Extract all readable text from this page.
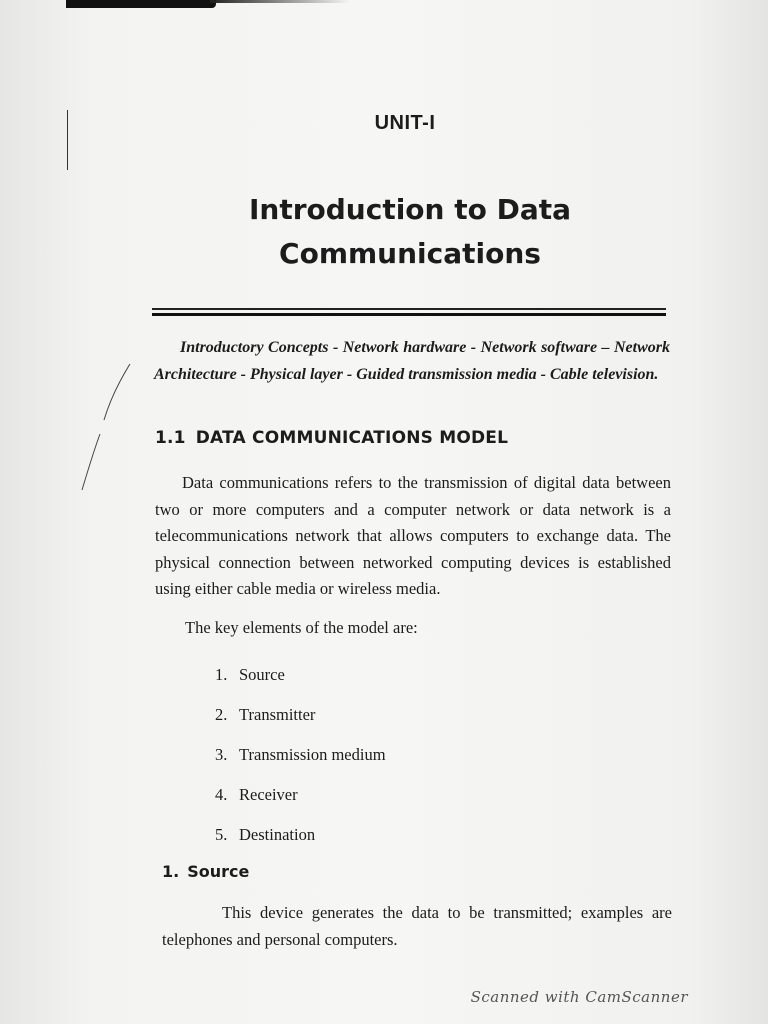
UNIT-I
Introduction to Data
Communications
Introductory Concepts - Network hardware - Network software – Network Architecture - Physical layer - Guided transmission media - Cable television.
1.1 DATA COMMUNICATIONS MODEL
Data communications refers to the transmission of digital data between two or more computers and a computer network or data network is a telecommunications network that allows computers to exchange data. The physical connection between networked computing devices is established using either cable media or wireless media.
The key elements of the model are:
1. Source
2. Transmitter
3. Transmission medium
4. Receiver
5. Destination
1. Source
This device generates the data to be transmitted; examples are telephones and personal computers.
Scanned with CamScanner
